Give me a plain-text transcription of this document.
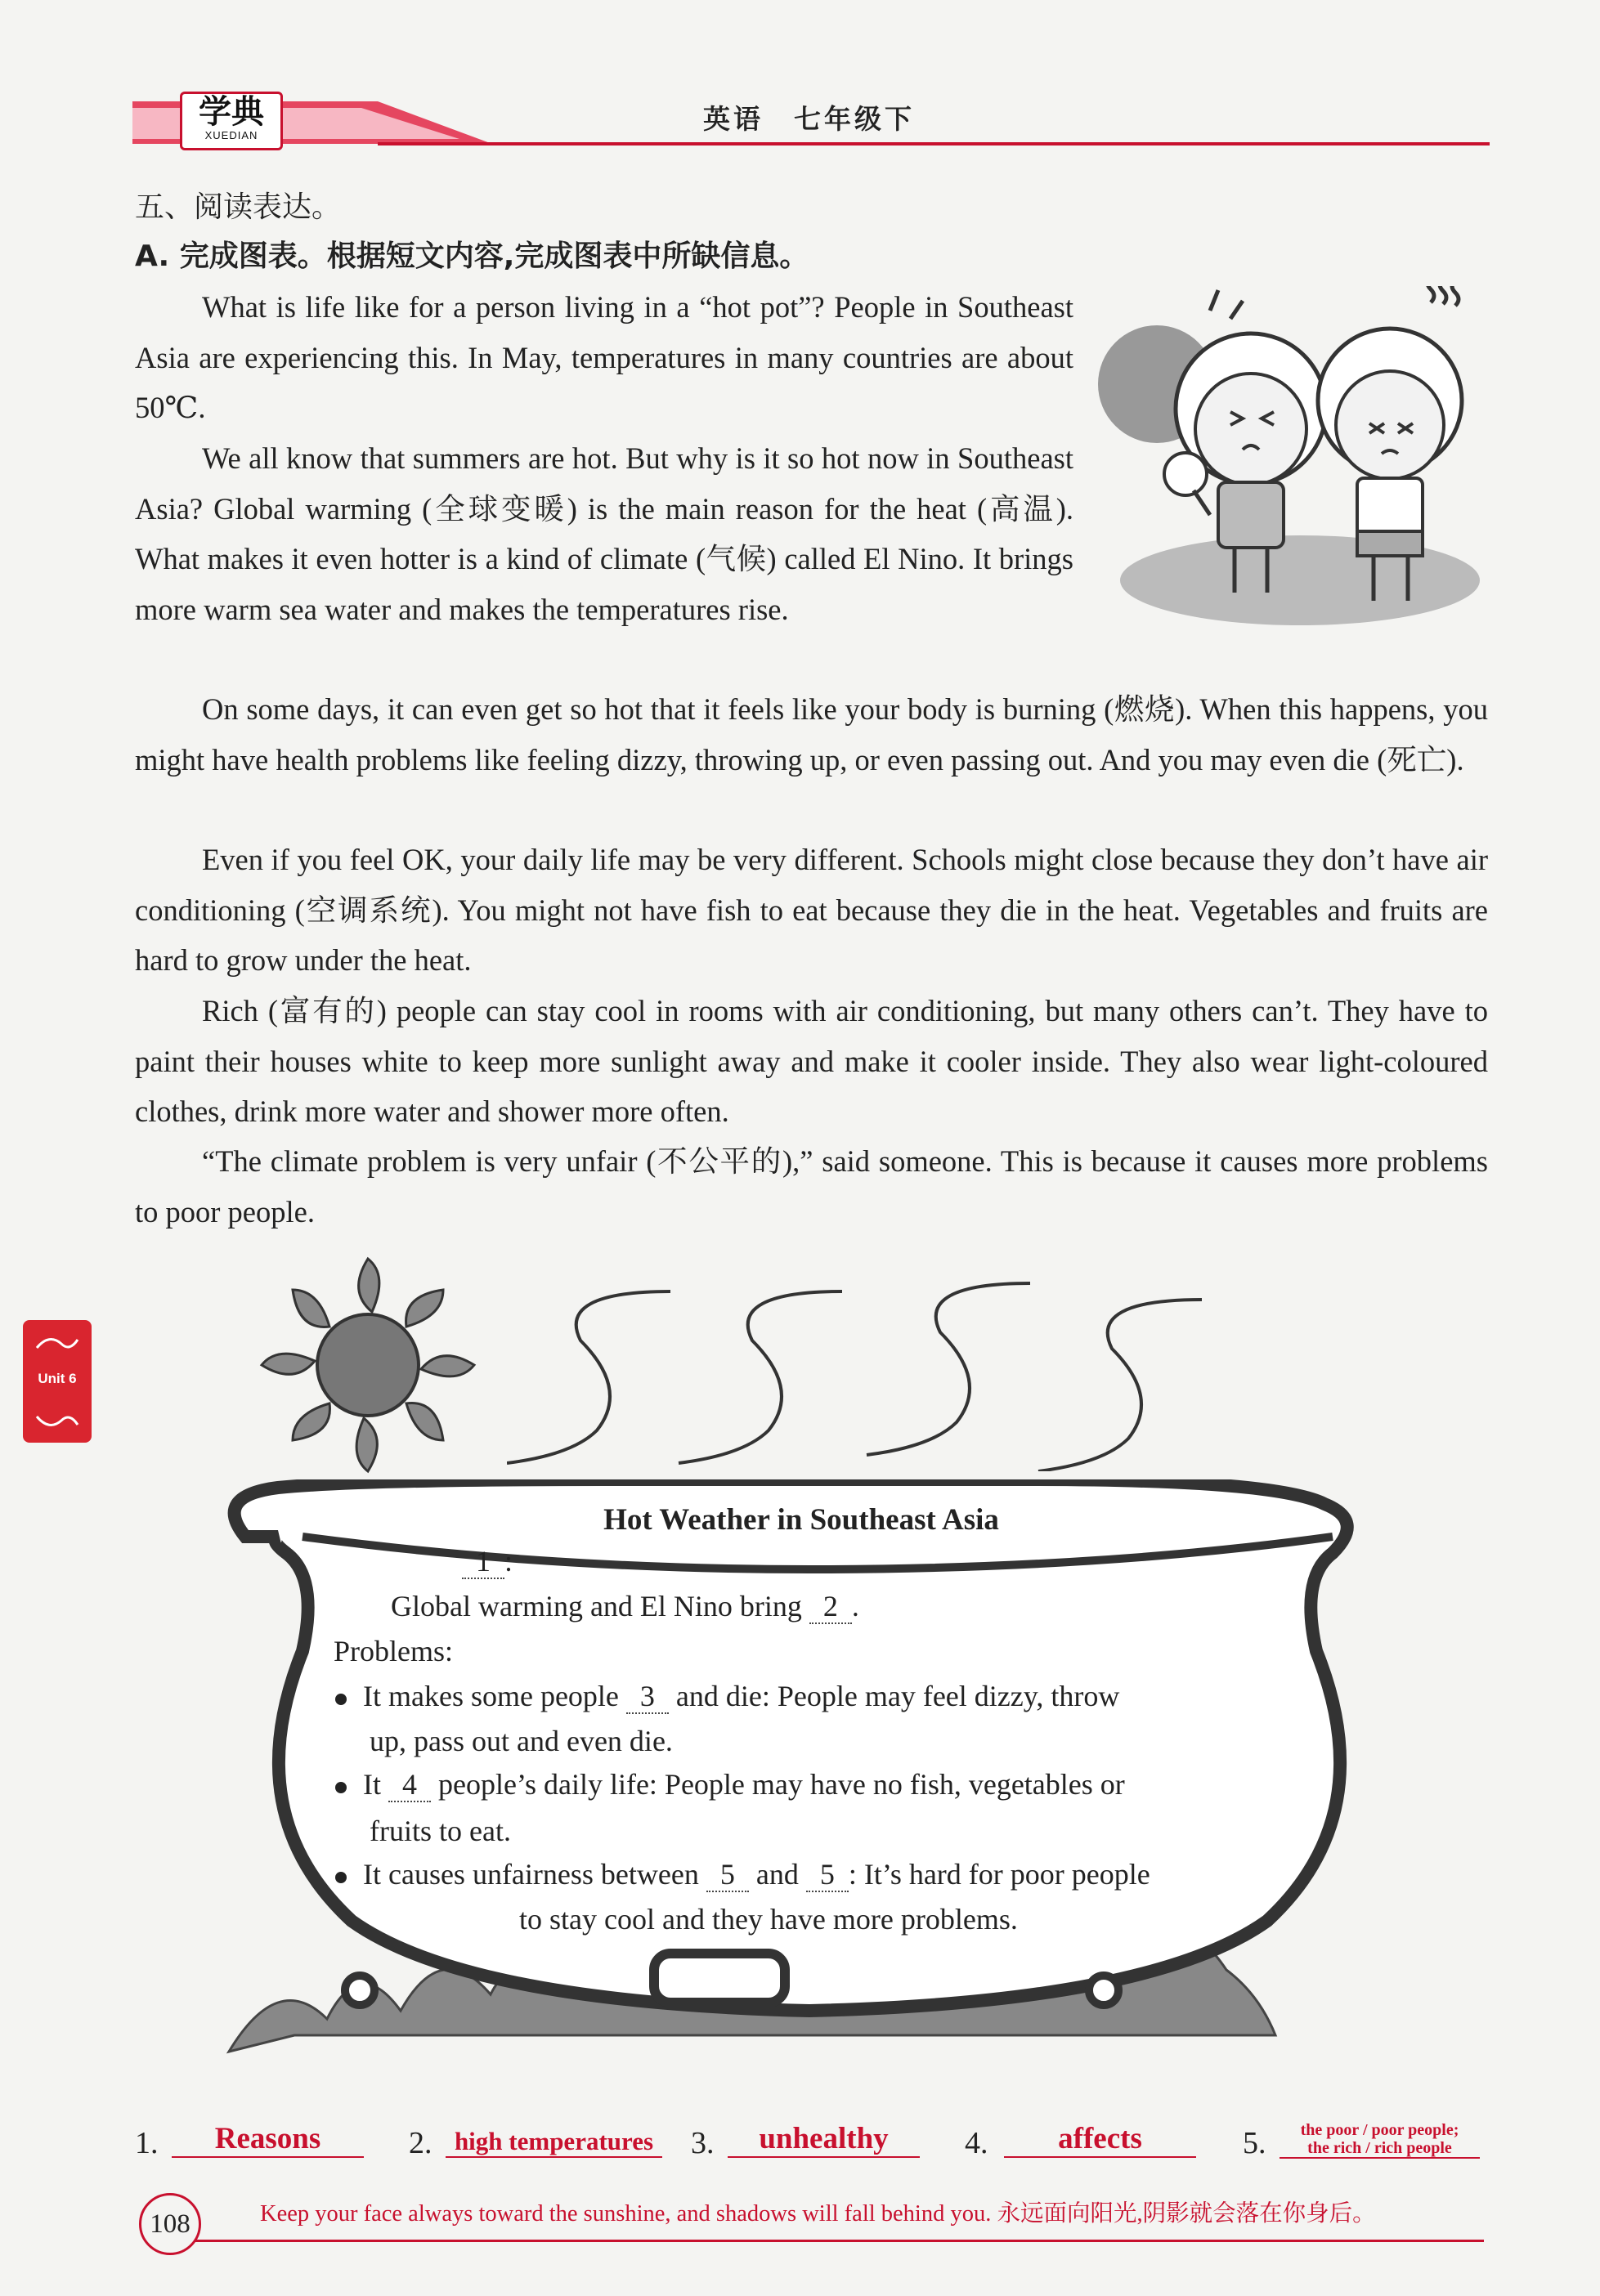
学典
XUEDIAN
英语　七年级下
五、阅读表达。
A. 完成图表。根据短文内容,完成图表中所缺信息。

What is life like for a person living in a “hot pot”? People in Southeast Asia are experiencing this. In May, temperatures in many countries are about 50℃.

We all know that summers are hot. But why is it so hot now in Southeast Asia? Global warming (全球变暖) is the main reason for the heat (高温). What makes it even hotter is a kind of climate (气候) called El Nino. It brings more warm sea water and makes the temperatures rise.

On some days, it can even get so hot that it feels like your body is burning (燃烧). When this happens, you might have health problems like feeling dizzy, throwing up, or even passing out. And you may even die (死亡).

Even if you feel OK, your daily life may be very different. Schools might close because they don’t have air conditioning (空调系统). You might not have fish to eat because they die in the heat. Vegetables and fruits are hard to grow under the heat.

Rich (富有的) people can stay cool in rooms with air conditioning, but many others can’t. They have to paint their houses white to keep more sunlight away and make it cooler inside. They also wear light-coloured clothes, drink more water and shower more often.

“The climate problem is very unfair (不公平的),” said someone. This is because it causes more problems to poor people.

Unit 6
Hot Weather in Southeast Asia
1 :
Global warming and El Nino bring 2 .
Problems:
It makes some people 3 and die: People may feel dizzy, throw
up, pass out and even die.
It 4 people’s daily life: People may have no fish, vegetables or
fruits to eat.
It causes unfairness between 5 and 5 : It’s hard for poor people
to stay cool and they have more problems.
1.	Reasons	2. high temperatures 3.	unhealthy	4.	affects	5.	the poor / poor people;
the rich / rich people
108	Keep your face always toward the sunshine, and shadows will fall behind you. 永远面向阳光,阴影就会落在你身后。
